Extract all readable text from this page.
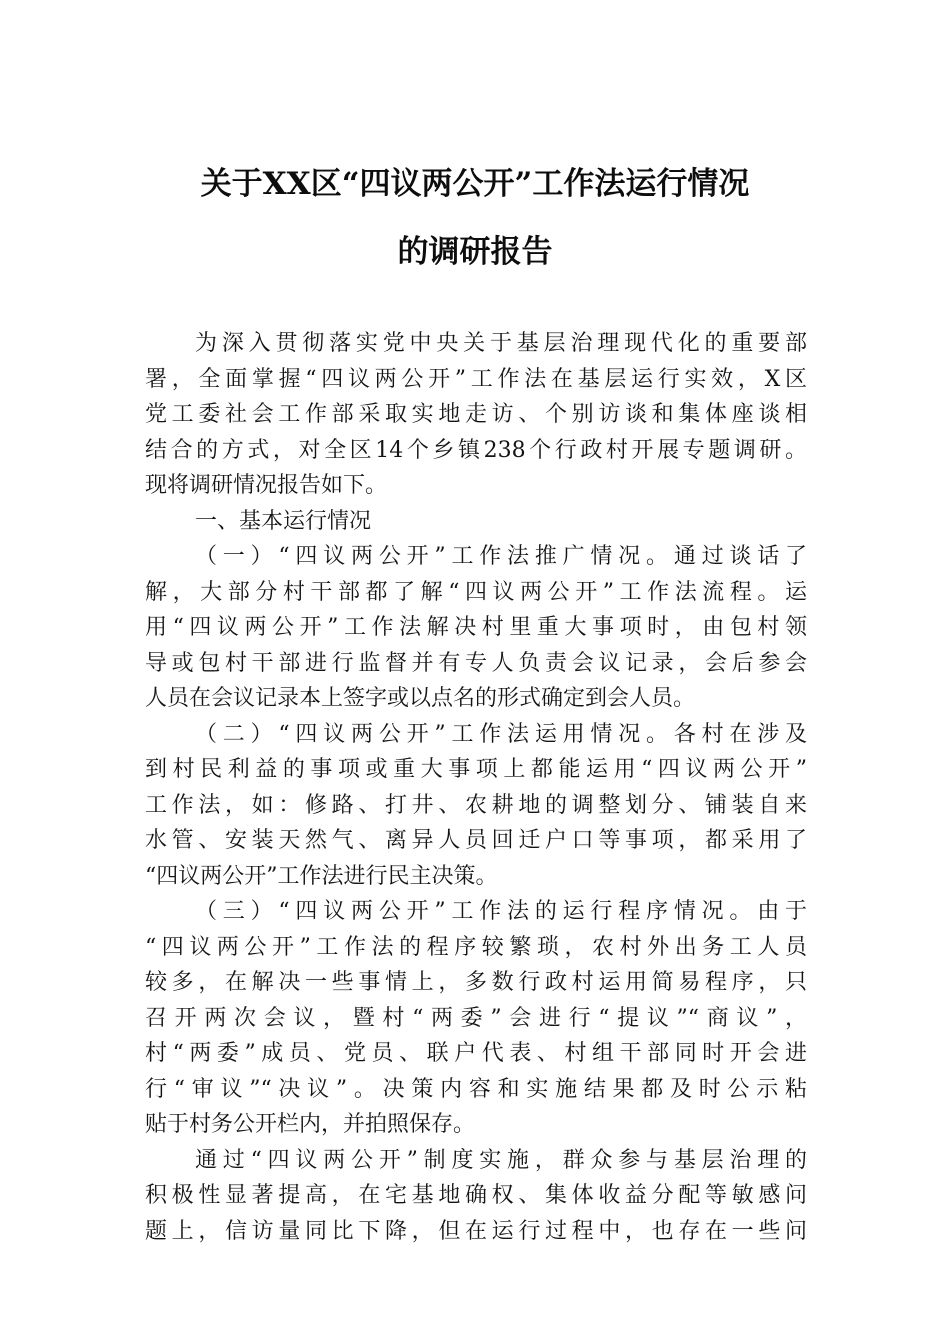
关于XX区“四议两公开”工作法运行情况
的调研报告
为深入贯彻落实党中央关于基层治理现代化的重要部
署，全面掌握“四议两公开”工作法在基层运行实效，X区
党工委社会工作部采取实地走访、个别访谈和集体座谈相
结合的方式，对全区14个乡镇238个行政村开展专题调研。
现将调研情况报告如下。
一、基本运行情况
（一）“四议两公开”工作法推广情况。通过谈话了
解，大部分村干部都了解“四议两公开”工作法流程。运
用“四议两公开”工作法解决村里重大事项时，由包村领
导或包村干部进行监督并有专人负责会议记录，会后参会
人员在会议记录本上签字或以点名的形式确定到会人员。
（二）“四议两公开”工作法运用情况。各村在涉及
到村民利益的事项或重大事项上都能运用“四议两公开”
工作法，如：修路、打井、农耕地的调整划分、铺装自来
水管、安装天然气、离异人员回迁户口等事项，都采用了
“四议两公开”工作法进行民主决策。
（三）“四议两公开”工作法的运行程序情况。由于
“四议两公开”工作法的程序较繁琐，农村外出务工人员
较多，在解决一些事情上，多数行政村运用简易程序，只
召开两次会议，暨村“两委”会进行“提议”“商议”，
村“两委”成员、党员、联户代表、村组干部同时开会进
行“审议”“决议”。决策内容和实施结果都及时公示粘
贴于村务公开栏内，并拍照保存。
通过“四议两公开”制度实施，群众参与基层治理的
积极性显著提高，在宅基地确权、集体收益分配等敏感问
题上，信访量同比下降，但在运行过程中，也存在一些问
